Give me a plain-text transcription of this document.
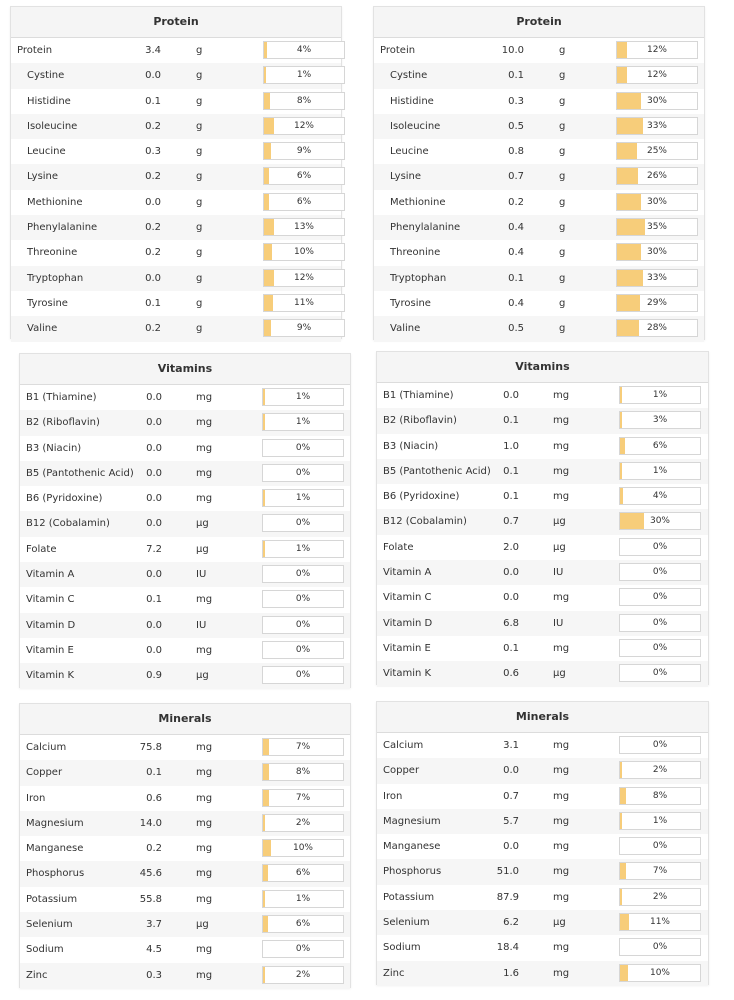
Protein
Protein	3.4	g	4%
Cystine	0.0	g	1%
Histidine	0.1	g	8%
Isoleucine	0.2	g	12%
Leucine	0.3	g	9%
Lysine	0.2	g	6%
Methionine	0.0	g	6%
Phenylalanine	0.2	g	13%
Threonine	0.2	g	10%
Tryptophan	0.0	g	12%
Tyrosine	0.1	g	11%
Valine	0.2	g	9%
Protein
Protein	10.0	g	12%
Cystine	0.1	g	12%
Histidine	0.3	g	30%
Isoleucine	0.5	g	33%
Leucine	0.8	g	25%
Lysine	0.7	g	26%
Methionine	0.2	g	30%
Phenylalanine	0.4	g	35%
Threonine	0.4	g	30%
Tryptophan	0.1	g	33%
Tyrosine	0.4	g	29%
Valine	0.5	g	28%
Vitamins
B1 (Thiamine)	0.0	mg	1%
B2 (Riboflavin)	0.0	mg	1%
B3 (Niacin)	0.0	mg	0%
B5 (Pantothenic Acid)	0.0	mg	0%
B6 (Pyridoxine)	0.0	mg	1%
B12 (Cobalamin)	0.0	µg	0%
Folate	7.2	µg	1%
Vitamin A	0.0	IU	0%
Vitamin C	0.1	mg	0%
Vitamin D	0.0	IU	0%
Vitamin E	0.0	mg	0%
Vitamin K	0.9	µg	0%
Vitamins
B1 (Thiamine)	0.0	mg	1%
B2 (Riboflavin)	0.1	mg	3%
B3 (Niacin)	1.0	mg	6%
B5 (Pantothenic Acid)	0.1	mg	1%
B6 (Pyridoxine)	0.1	mg	4%
B12 (Cobalamin)	0.7	µg	30%
Folate	2.0	µg	0%
Vitamin A	0.0	IU	0%
Vitamin C	0.0	mg	0%
Vitamin D	6.8	IU	0%
Vitamin E	0.1	mg	0%
Vitamin K	0.6	µg	0%
Minerals
Calcium	75.8	mg	7%
Copper	0.1	mg	8%
Iron	0.6	mg	7%
Magnesium	14.0	mg	2%
Manganese	0.2	mg	10%
Phosphorus	45.6	mg	6%
Potassium	55.8	mg	1%
Selenium	3.7	µg	6%
Sodium	4.5	mg	0%
Zinc	0.3	mg	2%
Minerals
Calcium	3.1	mg	0%
Copper	0.0	mg	2%
Iron	0.7	mg	8%
Magnesium	5.7	mg	1%
Manganese	0.0	mg	0%
Phosphorus	51.0	mg	7%
Potassium	87.9	mg	2%
Selenium	6.2	µg	11%
Sodium	18.4	mg	0%
Zinc	1.6	mg	10%
